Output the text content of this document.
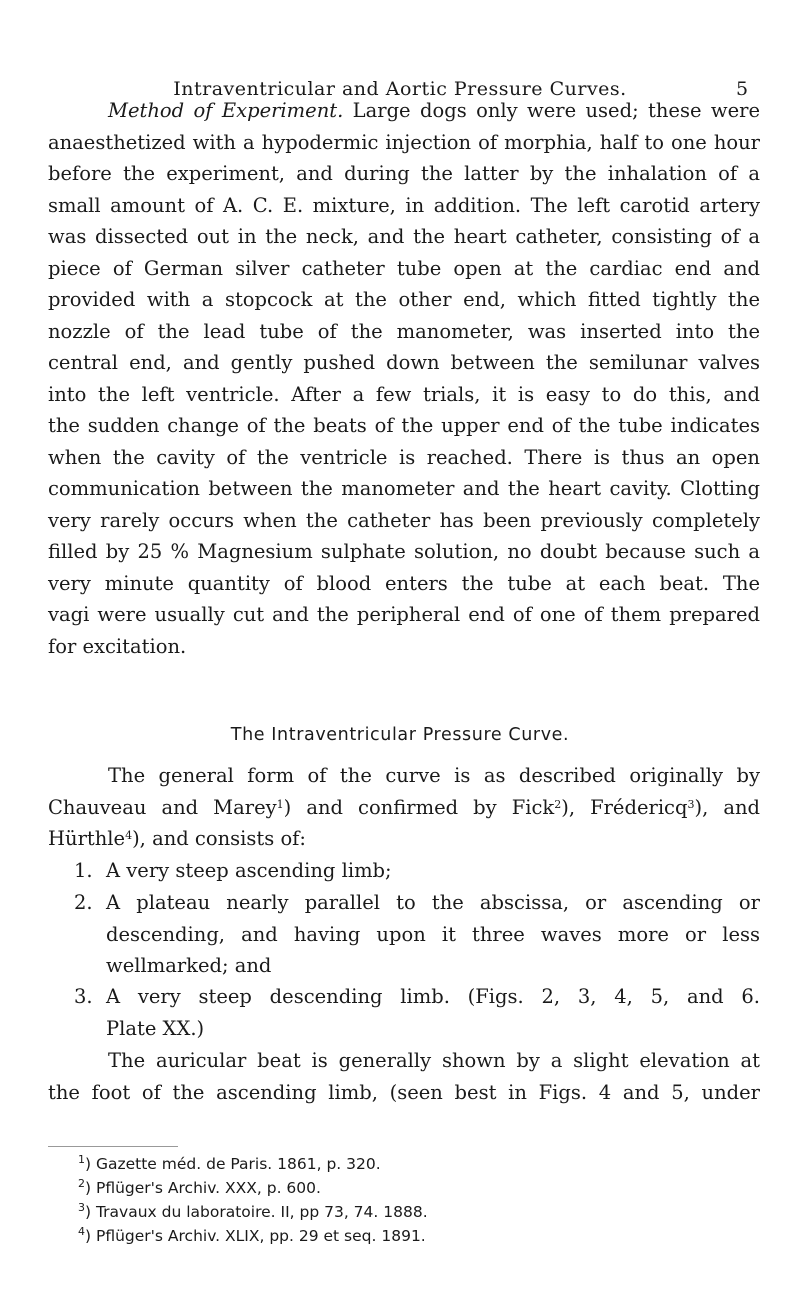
Intraventricular and Aortic Pressure Curves.	5
Method of Experiment. Large dogs only were used; these were
anaesthetized with a hypodermic injection of morphia, half to one hour
before the experiment, and during the latter by the inhalation of a
small amount of A. C. E. mixture, in addition. The left carotid artery
was dissected out in the neck, and the heart catheter, consisting of a
piece of German silver catheter tube open at the cardiac end and
provided with a stopcock at the other end, which fitted tightly the
nozzle of the lead tube of the manometer, was inserted into the
central end, and gently pushed down between the semilunar valves
into the left ventricle. After a few trials, it is easy to do this, and
the sudden change of the beats of the upper end of the tube indicates
when the cavity of the ventricle is reached. There is thus an open
communication between the manometer and the heart cavity. Clotting
very rarely occurs when the catheter has been previously completely
filled by 25 % Magnesium sulphate solution, no doubt because such a
very minute quantity of blood enters the tube at each beat. The
vagi were usually cut and the peripheral end of one of them prepared
for excitation.
The Intraventricular Pressure Curve.
The general form of the curve is as described originally by
Chauveau and Marey$^1$) and confirmed by Fick$^2$), Frédericq$^3$), and
Hürthle$^4$), and consists of:
1. A very steep ascending limb;
2. A plateau nearly parallel to the abscissa, or ascending or
descending, and having upon it three waves more or less
wellmarked; and
3. A very steep descending limb. (Figs. 2, 3, 4, 5, and 6.
Plate XX.)
The auricular beat is generally shown by a slight elevation at
the foot of the ascending limb, (seen best in Figs. 4 and 5, under
$^1$) Gazette méd. de Paris. 1861, p. 320.
$^2$) Pflüger's Archiv. XXX, p. 600.
$^3$) Travaux du laboratoire. II, pp 73, 74. 1888.
$^4$) Pflüger's Archiv. XLIX, pp. 29 et seq. 1891.
